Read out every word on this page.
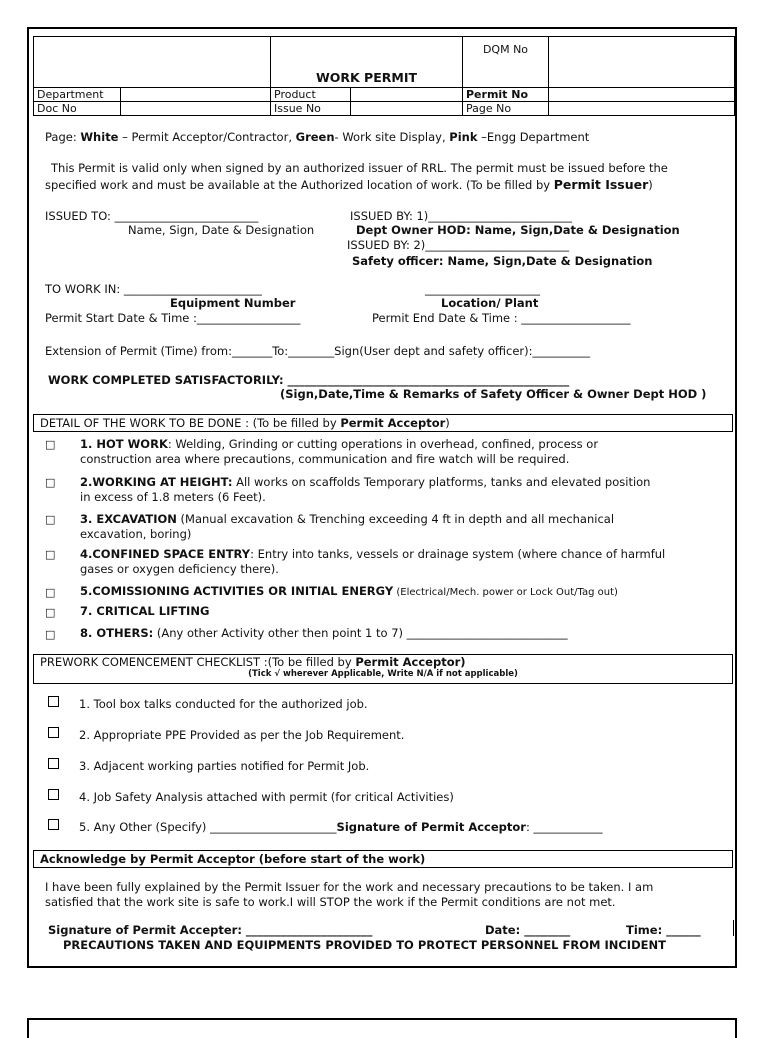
		WORK PERMIT		DQM No	
Department		Product		Permit No	
Doc No		Issue No		Page No	
Page: White – Permit Acceptor/Contractor, Green- Work site Display, Pink –Engg Department
This Permit is valid only when signed by an authorized issuer of RRL. The permit must be issued before the
specified work and must be available at the Authorized location of work. (To be filled by Permit Issuer)
ISSUED TO: _________________________
Name, Sign, Date & Designation
ISSUED BY: 1)_________________________
Dept Owner HOD: Name, Sign,Date & Designation
ISSUED BY: 2)_________________________
Safety officer: Name, Sign,Date & Designation
TO WORK IN: ________________________	____________________
Equipment Number	Location/ Plant
Permit Start Date & Time :__________________	Permit End Date & Time : ___________________
Extension of Permit (Time) from:_______To:________Sign(User dept and safety officer):__________
WORK COMPLETED SATISFACTORILY: _________________________________________________
(Sign,Date,Time & Remarks of Safety Officer & Owner Dept HOD )
DETAIL OF THE WORK TO BE DONE : (To be filled by Permit Acceptor)
□ 1. HOT WORK: Welding, Grinding or cutting operations in overhead, confined, process or
construction area where precautions, communication and fire watch will be required.
□ 2.WORKING AT HEIGHT: All works on scaffolds Temporary platforms, tanks and elevated position
in excess of 1.8 meters (6 Feet).
□ 3. EXCAVATION (Manual excavation & Trenching exceeding 4 ft in depth and all mechanical
excavation, boring)
□ 4.CONFINED SPACE ENTRY: Entry into tanks, vessels or drainage system (where chance of harmful
gases or oxygen deficiency there).
□ 5.COMISSIONING ACTIVITIES OR INITIAL ENERGY (Electrical/Mech. power or Lock Out/Tag out)
□ 7. CRITICAL LIFTING
□ 8. OTHERS: (Any other Activity other then point 1 to 7) ____________________________
PREWORK COMENCEMENT CHECKLIST :(To be filled by Permit Acceptor)
(Tick √ wherever Applicable, Write N/A if not applicable)
1. Tool box talks conducted for the authorized job.
2. Appropriate PPE Provided as per the Job Requirement.
3. Adjacent working parties notified for Permit Job.
4. Job Safety Analysis attached with permit (for critical Activities)
5. Any Other (Specify) ______________________Signature of Permit Acceptor: ____________
Acknowledge by Permit Acceptor (before start of the work)
I have been fully explained by the Permit Issuer for the work and necessary precautions to be taken. I am
satisfied that the work site is safe to work.I will STOP the work if the Permit conditions are not met.
Signature of Permit Accepter: ______________________	Date: ________	Time: ______
PRECAUTIONS TAKEN AND EQUIPMENTS PROVIDED TO PROTECT PERSONNEL FROM INCIDENT
